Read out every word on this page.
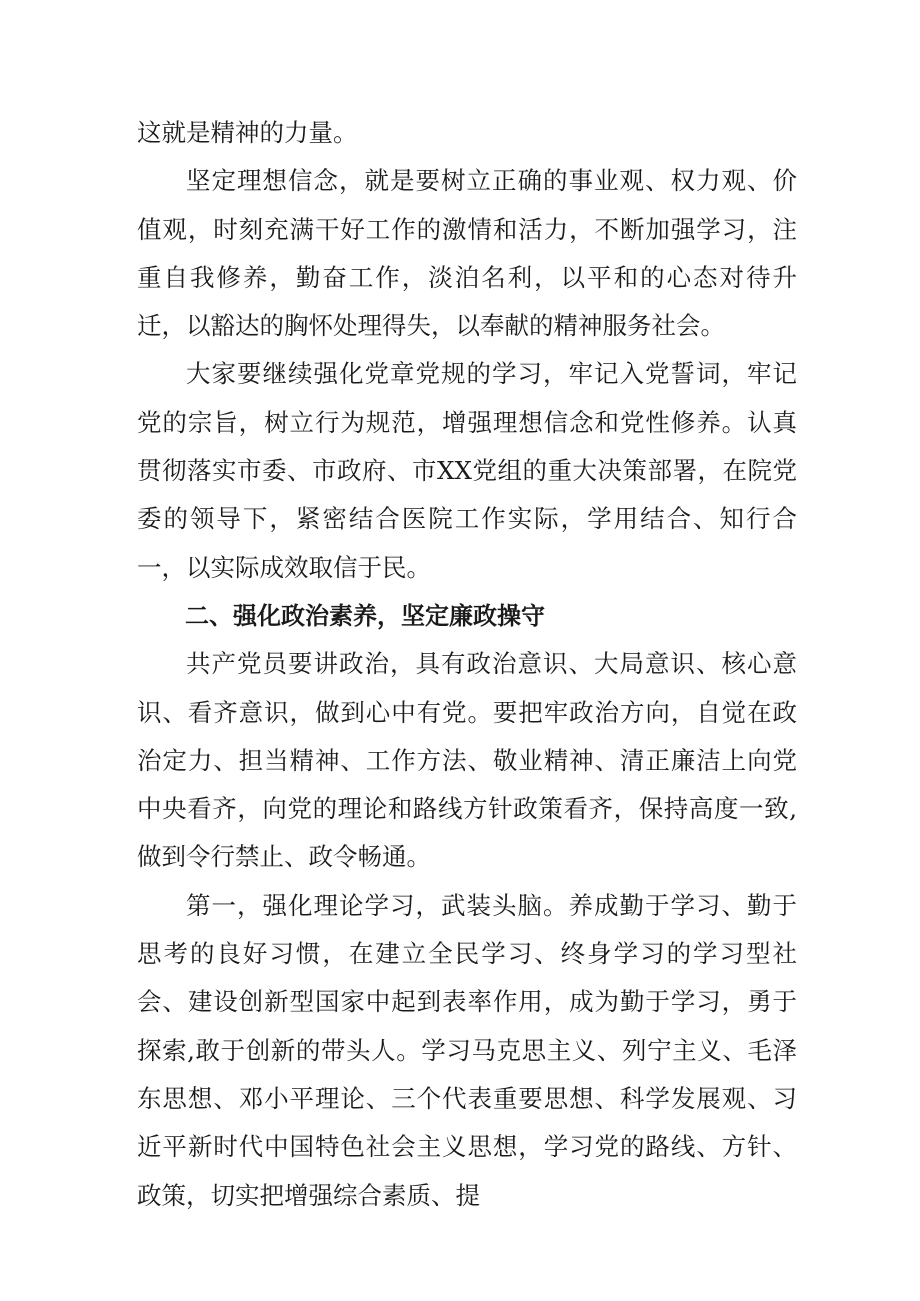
这就是精神的力量。

坚定理想信念，就是要树立正确的事业观、权力观、价值观，时刻充满干好工作的激情和活力，不断加强学习，注重自我修养，勤奋工作，淡泊名利，以平和的心态对待升迁，以豁达的胸怀处理得失，以奉献的精神服务社会。

大家要继续强化党章党规的学习，牢记入党誓词，牢记党的宗旨，树立行为规范，增强理想信念和党性修养。认真贯彻落实市委、市政府、市XX党组的重大决策部署，在院党委的领导下，紧密结合医院工作实际，学用结合、知行合一，以实际成效取信于民。

二、强化政治素养，坚定廉政操守

共产党员要讲政治，具有政治意识、大局意识、核心意识、看齐意识，做到心中有党。要把牢政治方向，自觉在政治定力、担当精神、工作方法、敬业精神、清正廉洁上向党中央看齐，向党的理论和路线方针政策看齐，保持高度一致,做到令行禁止、政令畅通。

第一，强化理论学习，武装头脑。养成勤于学习、勤于思考的良好习惯，在建立全民学习、终身学习的学习型社会、建设创新型国家中起到表率作用，成为勤于学习，勇于探索,敢于创新的带头人。学习马克思主义、列宁主义、毛泽东思想、邓小平理论、三个代表重要思想、科学发展观、习近平新时代中国特色社会主义思想，学习党的路线、方针、政策，切实把增强综合素质、提
